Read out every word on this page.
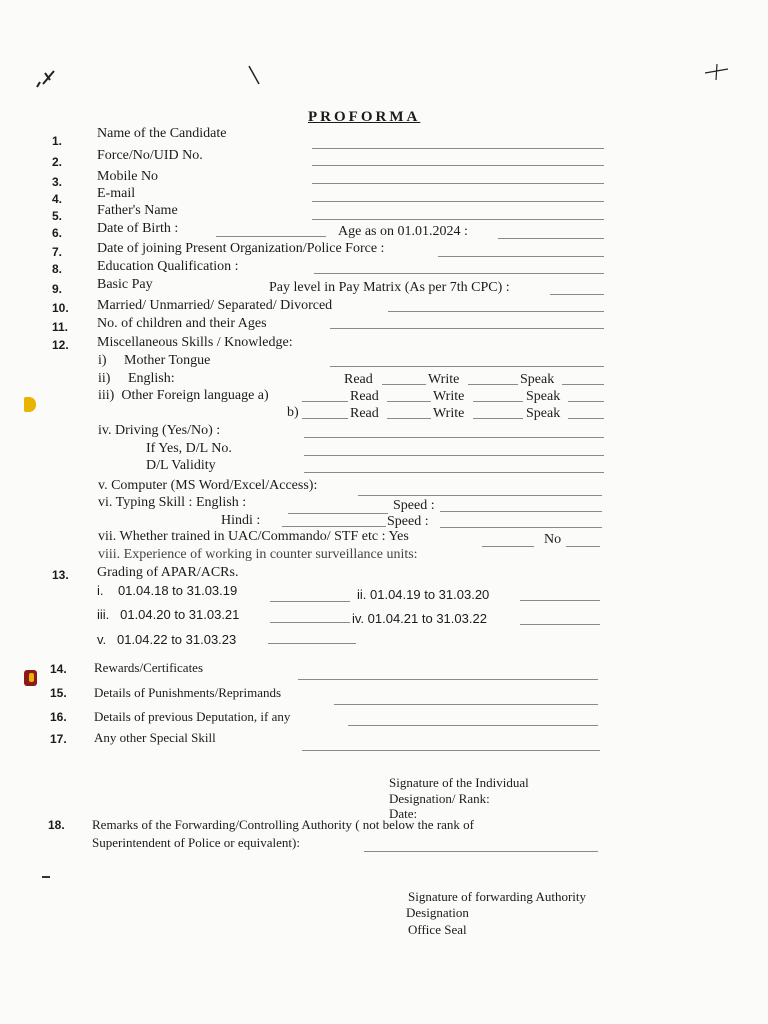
PROFORMA
1. Name of the Candidate
2. Force/No/UID No.
3. Mobile No
4. E-mail
5. Father's Name
6. Date of Birth :	Age as on 01.01.2024 :
7. Date of joining Present Organization/Police Force :
8. Education Qualification :
9. Basic Pay	Pay level in Pay Matrix (As per 7th CPC) :
10. Married/ Unmarried/ Separated/ Divorced
11. No. of children and their Ages
12. Miscellaneous Skills / Knowledge:
i)     Mother Tongue
ii)     English:	Read	Write	Speak
iii)  Other Foreign language a)	Read	Write	Speak
b)	Read	Write	Speak
iv. Driving (Yes/No) :
If Yes, D/L No.
D/L Validity
v. Computer (MS Word/Excel/Access):
vi. Typing Skill : English :	Speed :
Hindi :	Speed :
vii. Whether trained in UAC/Commando/ STF etc : Yes	No
viii. Experience of working in counter surveillance units:
13. Grading of APAR/ACRs.
i.    01.04.18 to 31.03.19	ii. 01.04.19 to 31.03.20
iii.   01.04.20 to 31.03.21	iv. 01.04.21 to 31.03.22
v.   01.04.22 to 31.03.23
14. Rewards/Certificates
15. Details of Punishments/Reprimands
16. Details of previous Deputation, if any
17. Any other Special Skill
Signature of the Individual
Designation/ Rank:
Date:
18. Remarks of the Forwarding/Controlling Authority ( not below the rank of
Superintendent of Police or equivalent):
Signature of forwarding Authority
Designation
Office Seal
